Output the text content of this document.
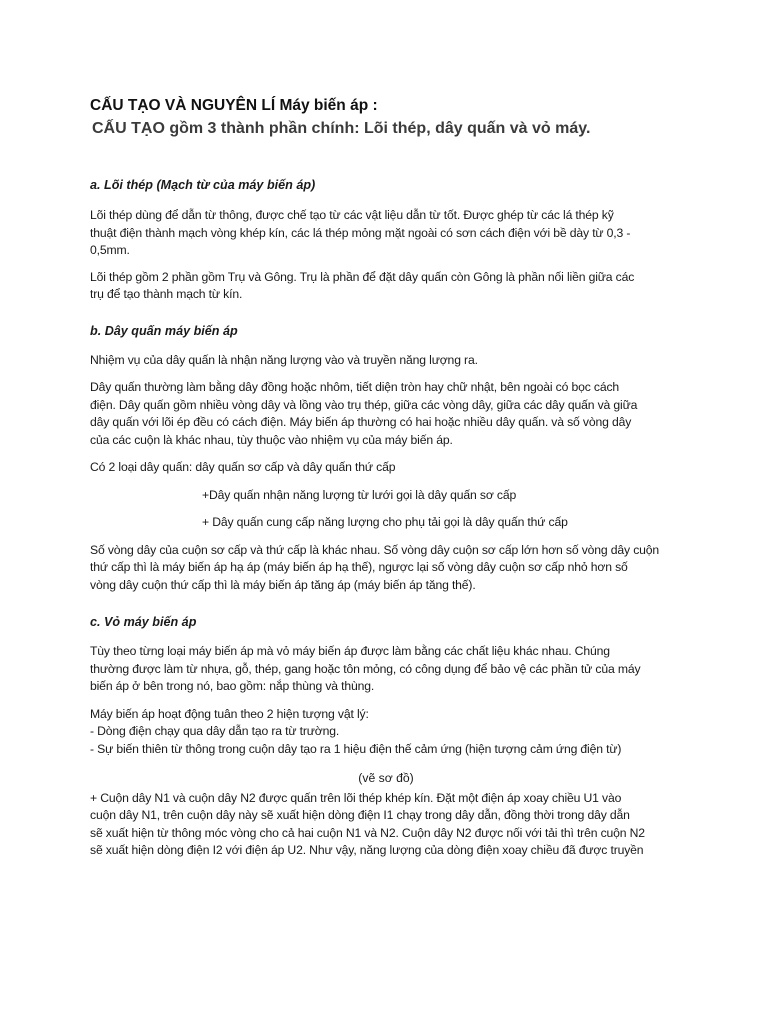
CẤU TẠO VÀ NGUYÊN LÍ Máy biến áp :
CẤU TẠO gồm 3 thành phần chính: Lõi thép, dây quấn và vỏ máy.
a. Lõi thép (Mạch từ của máy biến áp)

Lõi thép dùng để dẫn từ thông, được chế tạo từ các vật liệu dẫn từ tốt. Được ghép từ các lá thép kỹ
thuật điện thành mạch vòng khép kín, các lá thép mỏng mặt ngoài có sơn cách điện với bề dày từ 0,3 -
0,5mm.

Lõi thép gồm 2 phần gồm Trụ và Gông. Trụ là phần để đặt dây quấn còn Gông là phần nối liền giữa các
trụ để tạo thành mạch từ kín.

b. Dây quấn máy biến áp

Nhiệm vụ của dây quấn là nhận năng lượng vào và truyền năng lượng ra.

Dây quấn thường làm bằng dây đồng hoặc nhôm, tiết diện tròn hay chữ nhật, bên ngoài có bọc cách
điện. Dây quấn gồm nhiều vòng dây và lồng vào trụ thép, giữa các vòng dây, giữa các dây quấn và giữa
dây quấn với lõi ép đều có cách điện. Máy biến áp thường có hai hoặc nhiều dây quấn. và số vòng dây
của các cuộn là khác nhau, tùy thuộc vào nhiệm vụ của máy biến áp.

Có 2 loại dây quấn: dây quấn sơ cấp và dây quấn thứ cấp

+Dây quấn nhận năng lượng từ lưới gọi là dây quấn sơ cấp

+ Dây quấn cung cấp năng lượng cho phụ tải gọi là dây quấn thứ cấp

Số vòng dây của cuộn sơ cấp và thứ cấp là khác nhau. Số vòng dây cuộn sơ cấp lớn hơn số vòng dây cuộn
thứ cấp thì là máy biến áp hạ áp (máy biến áp hạ thế), ngược lại số vòng dây cuộn sơ cấp nhỏ hơn số
vòng dây cuộn thứ cấp thì là máy biến áp tăng áp (máy biến áp tăng thế).

c. Vỏ máy biến áp

Tùy theo từng loại máy biến áp mà vỏ máy biến áp được làm bằng các chất liệu khác nhau. Chúng
thường được làm từ nhựa, gỗ, thép, gang hoặc tôn mỏng, có công dụng để bảo vệ các phần tử của máy
biến áp ở bên trong nó, bao gồm: nắp thùng và thùng.

Máy biến áp hoạt động tuân theo 2 hiện tượng vật lý:
- Dòng điện chạy qua dây dẫn tạo ra từ trường.
- Sự biến thiên từ thông trong cuộn dây tạo ra 1 hiệu điện thế cảm ứng (hiện tượng cảm ứng điện từ)

(vẽ sơ đồ)

+ Cuộn dây N1 và cuộn dây N2 được quấn trên lõi thép khép kín. Đặt một điện áp xoay chiều U1 vào
cuộn dây N1, trên cuộn dây này sẽ xuất hiện dòng điện I1 chạy trong dây dẫn, đồng thời trong dây dẫn
sẽ xuất hiện từ thông móc vòng cho cả hai cuộn N1 và N2. Cuộn dây N2 được nối với tải thì trên cuộn N2
sẽ xuất hiện dòng điện I2 với điện áp U2. Như vậy, năng lượng của dòng điện xoay chiều đã được truyền
